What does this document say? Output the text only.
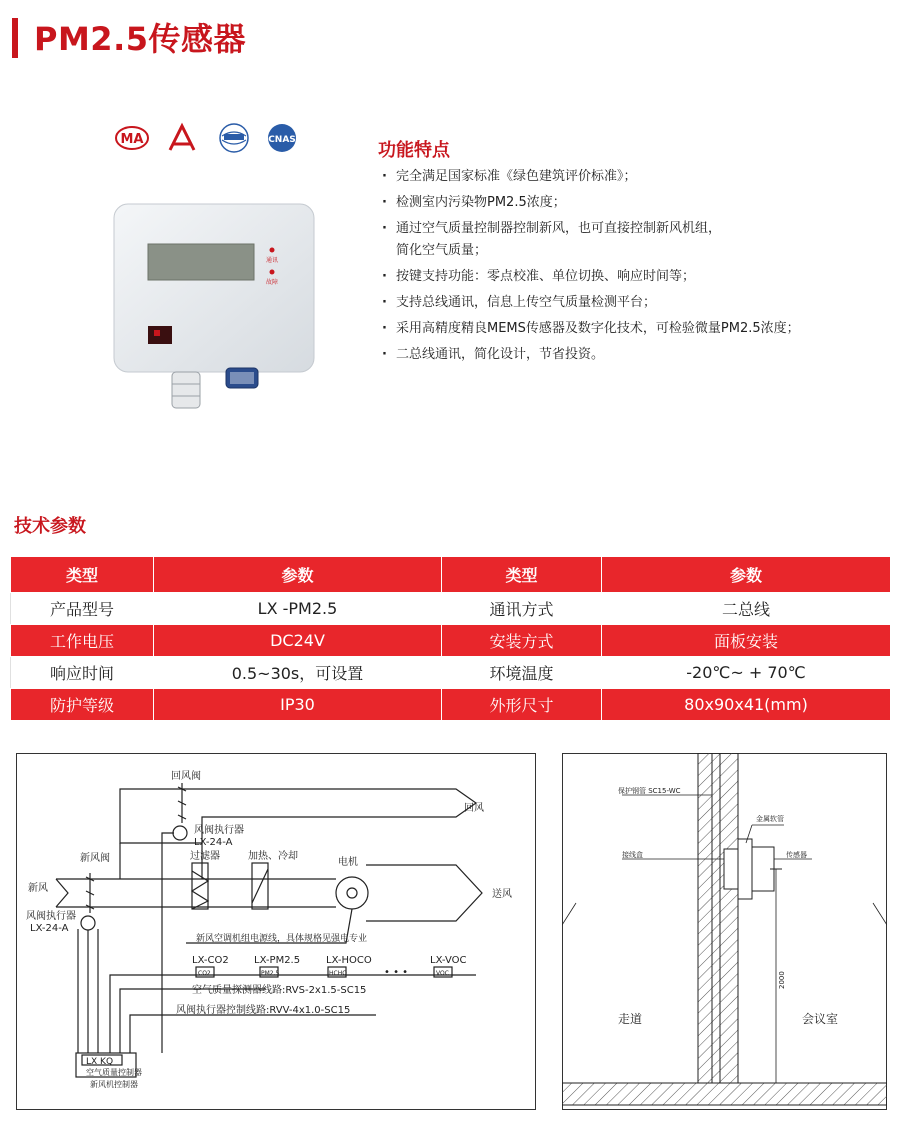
PM2.5传感器
MA	CNAS
通讯
故障
功能特点
· 完全满足国家标准《绿色建筑评价标准》；
· 检测室内污染物PM2.5浓度；
· 通过空气质量控制器控制新风，也可直接控制新风机组，
简化空气质量；
· 按键支持功能：零点校准、单位切换、响应时间等；
· 支持总线通讯，信息上传空气质量检测平台；
· 采用高精度精良MEMS传感器及数字化技术，可检验微量PM2.5浓度；
· 二总线通讯，简化设计，节省投资。
技术参数
类型	参数	类型	参数
产品型号	LX -PM2.5	通讯方式	二总线
工作电压	DC24V	安装方式	面板安装
响应时间	0.5~30s，可设置	环境温度	-20℃~ + 70℃
防护等级	IP30	外形尺寸	80x90x41(mm)
回风阀
回风
风阀执行器
LX-24-A
过滤器	加热、冷却
电机
新风阀
新风
送风
风阀执行器
LX-24-A
新风空调机组电源线，具体规格见强电专业
LX-CO2
CO2
LX-PM2.5
PM2.5
LX-HOCO
HCHO	• • •
LX-VOC
VOC
空气质量探测器线路:RVS-2x1.5-SC15
风阀执行器控制线路:RVV-4x1.0-SC15
LX KQ
空气质量控制器
新风机控制器
保护钢管 SC15-WC
金属软管
接线盒	传感器
2000
走道	会议室
